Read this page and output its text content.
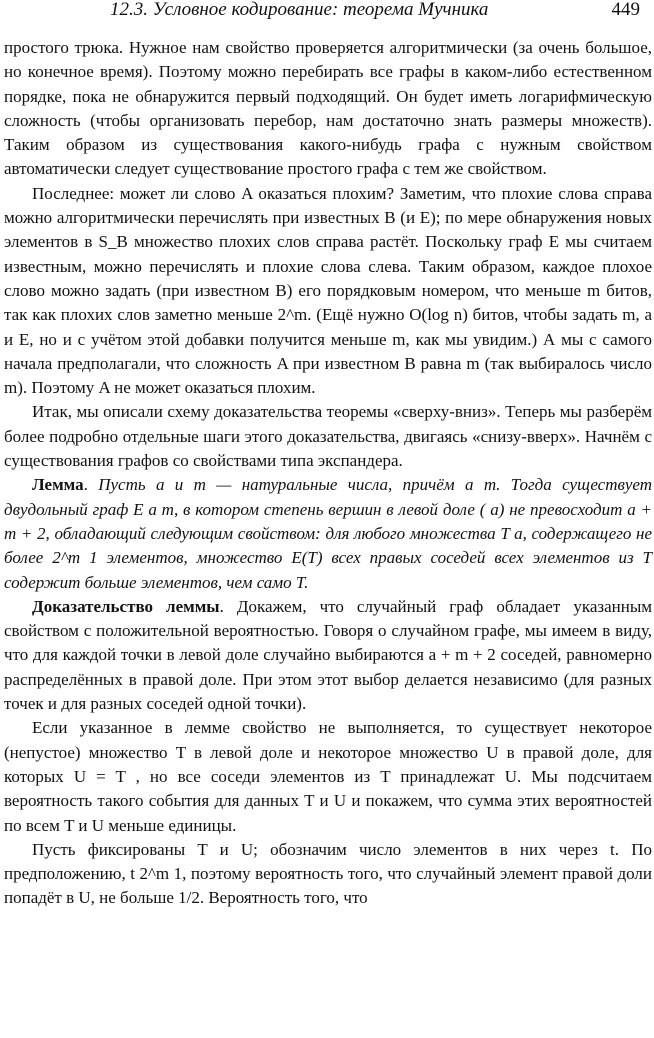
12.3. Условное кодирование: теорема Мучника	449

простого трюка. Нужное нам свойство проверяется алгоритмически (за очень большое, но конечное время). Поэтому можно перебирать все графы в каком-либо естественном порядке, пока не обнаружится первый подходящий. Он будет иметь логарифмическую сложность (чтобы организовать перебор, нам достаточно знать размеры множеств). Таким образом из существования какого-нибудь графа с нужным свойством автоматически следует существование простого графа с тем же свойством.

Последнее: может ли слово A оказаться плохим? Заметим, что плохие слова справа можно алгоритмически перечислять при известных B (и E); по мере обнаружения новых элементов в S_B множество плохих слов справа растёт. Поскольку граф E мы считаем известным, можно перечислять и плохие слова слева. Таким образом, каждое плохое слово можно задать (при известном B) его порядковым номером, что меньше m битов, так как плохих слов заметно меньше 2^m. (Ещё нужно O(log n) битов, чтобы задать m, a и E, но и с учётом этой добавки получится меньше m, как мы увидим.) А мы с самого начала предполагали, что сложность A при известном B равна m (так выбиралось число m). Поэтому A не может оказаться плохим.

Итак, мы описали схему доказательства теоремы «сверху-вниз». Теперь мы разберём более подробно отдельные шаги этого доказательства, двигаясь «снизу-вверх». Начнём с существования графов со свойствами типа экспандера.

Лемма. Пусть a и m — натуральные числа, причём a m. Тогда существует двудольный граф E a m, в котором степень вершин в левой доле ( a) не превосходит a + m + 2, обладающий следующим свойством: для любого множества T a, содержащего не более 2^m 1 элементов, множество E(T) всех правых соседей всех элементов из T содержит больше элементов, чем само T.

Доказательство леммы. Докажем, что случайный граф обладает указанным свойством с положительной вероятностью. Говоря о случайном графе, мы имеем в виду, что для каждой точки в левой доле случайно выбираются a + m + 2 соседей, равномерно распределённых в правой доле. При этом этот выбор делается независимо (для разных точек и для разных соседей одной точки).

Если указанное в лемме свойство не выполняется, то существует некоторое (непустое) множество T в левой доле и некоторое множество U в правой доле, для которых U = T , но все соседи элементов из T принадлежат U. Мы подсчитаем вероятность такого события для данных T и U и покажем, что сумма этих вероятностей по всем T и U меньше единицы.

Пусть фиксированы T и U; обозначим число элементов в них через t. По предположению, t 2^m 1, поэтому вероятность того, что случайный элемент правой доли попадёт в U, не больше 1/2. Вероятность того, что
